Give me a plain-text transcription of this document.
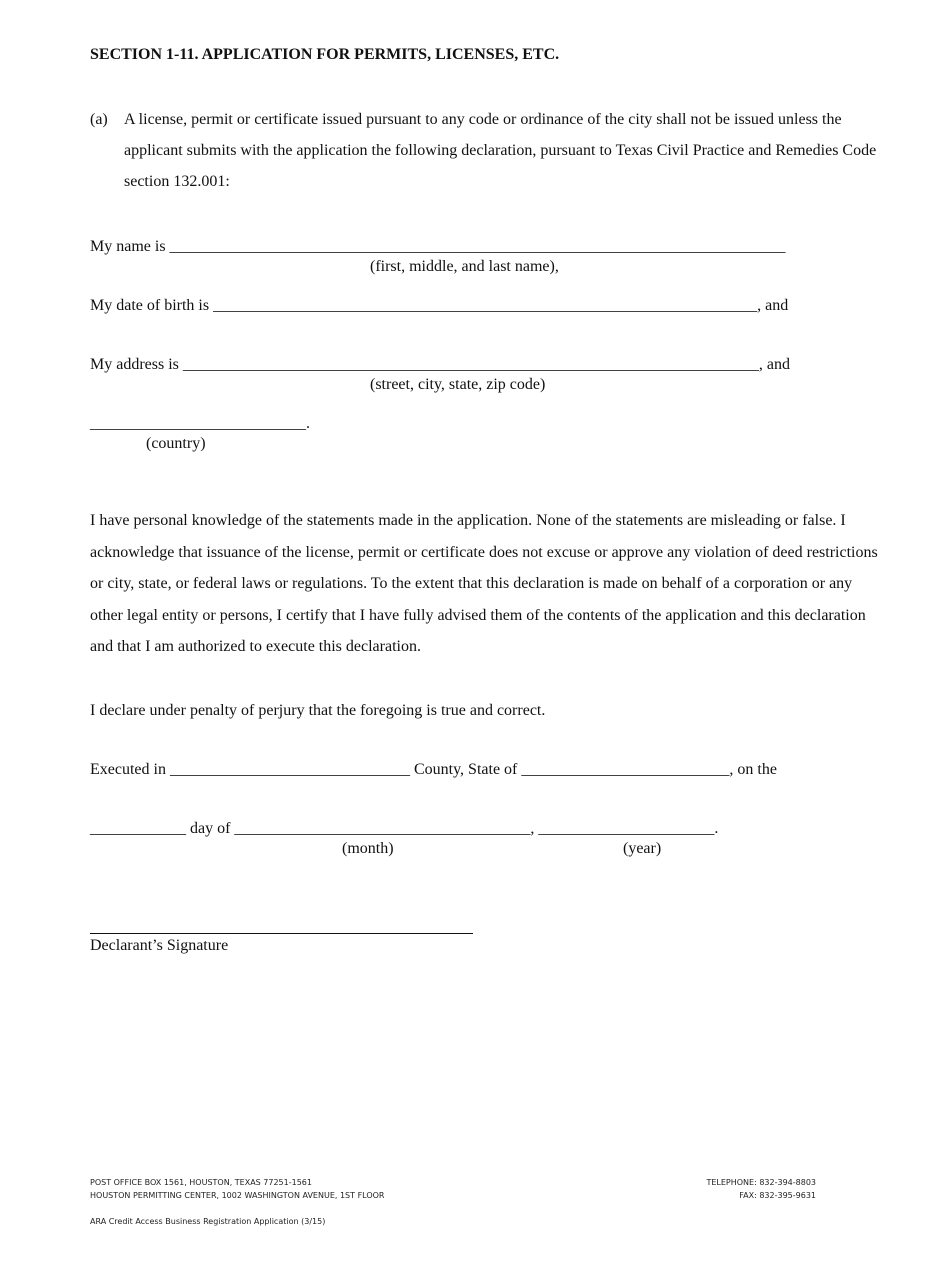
SECTION 1-11. APPLICATION FOR PERMITS, LICENSES, ETC.
(a) A license, permit or certificate issued pursuant to any code or ordinance of the city shall not be issued unless the applicant submits with the application the following declaration, pursuant to Texas Civil Practice and Remedies Code section 132.001:
My name is _____________________________________________________________________________
(first, middle, and last name),
My date of birth is ____________________________________________________________________, and
My address is ________________________________________________________________________, and
(street, city, state, zip code)
___________________________.
(country)
I have personal knowledge of the statements made in the application. None of the statements are misleading or false. I acknowledge that issuance of the license, permit or certificate does not excuse or approve any violation of deed restrictions or city, state, or federal laws or regulations. To the extent that this declaration is made on behalf of a corporation or any other legal entity or persons, I certify that I have fully advised them of the contents of the application and this declaration and that I am authorized to execute this declaration.
I declare under penalty of perjury that the foregoing is true and correct.
Executed in ______________________________ County, State of __________________________, on the
____________ day of _____________________________________, ______________________.
(month)	(year)
Declarant’s Signature
POST OFFICE BOX 1561, HOUSTON, TEXAS 77251-1561
HOUSTON PERMITTING CENTER, 1002 WASHINGTON AVENUE, 1ST FLOOR
TELEPHONE: 832-394-8803
FAX: 832-395-9631
ARA Credit Access Business Registration Application (3/15)
